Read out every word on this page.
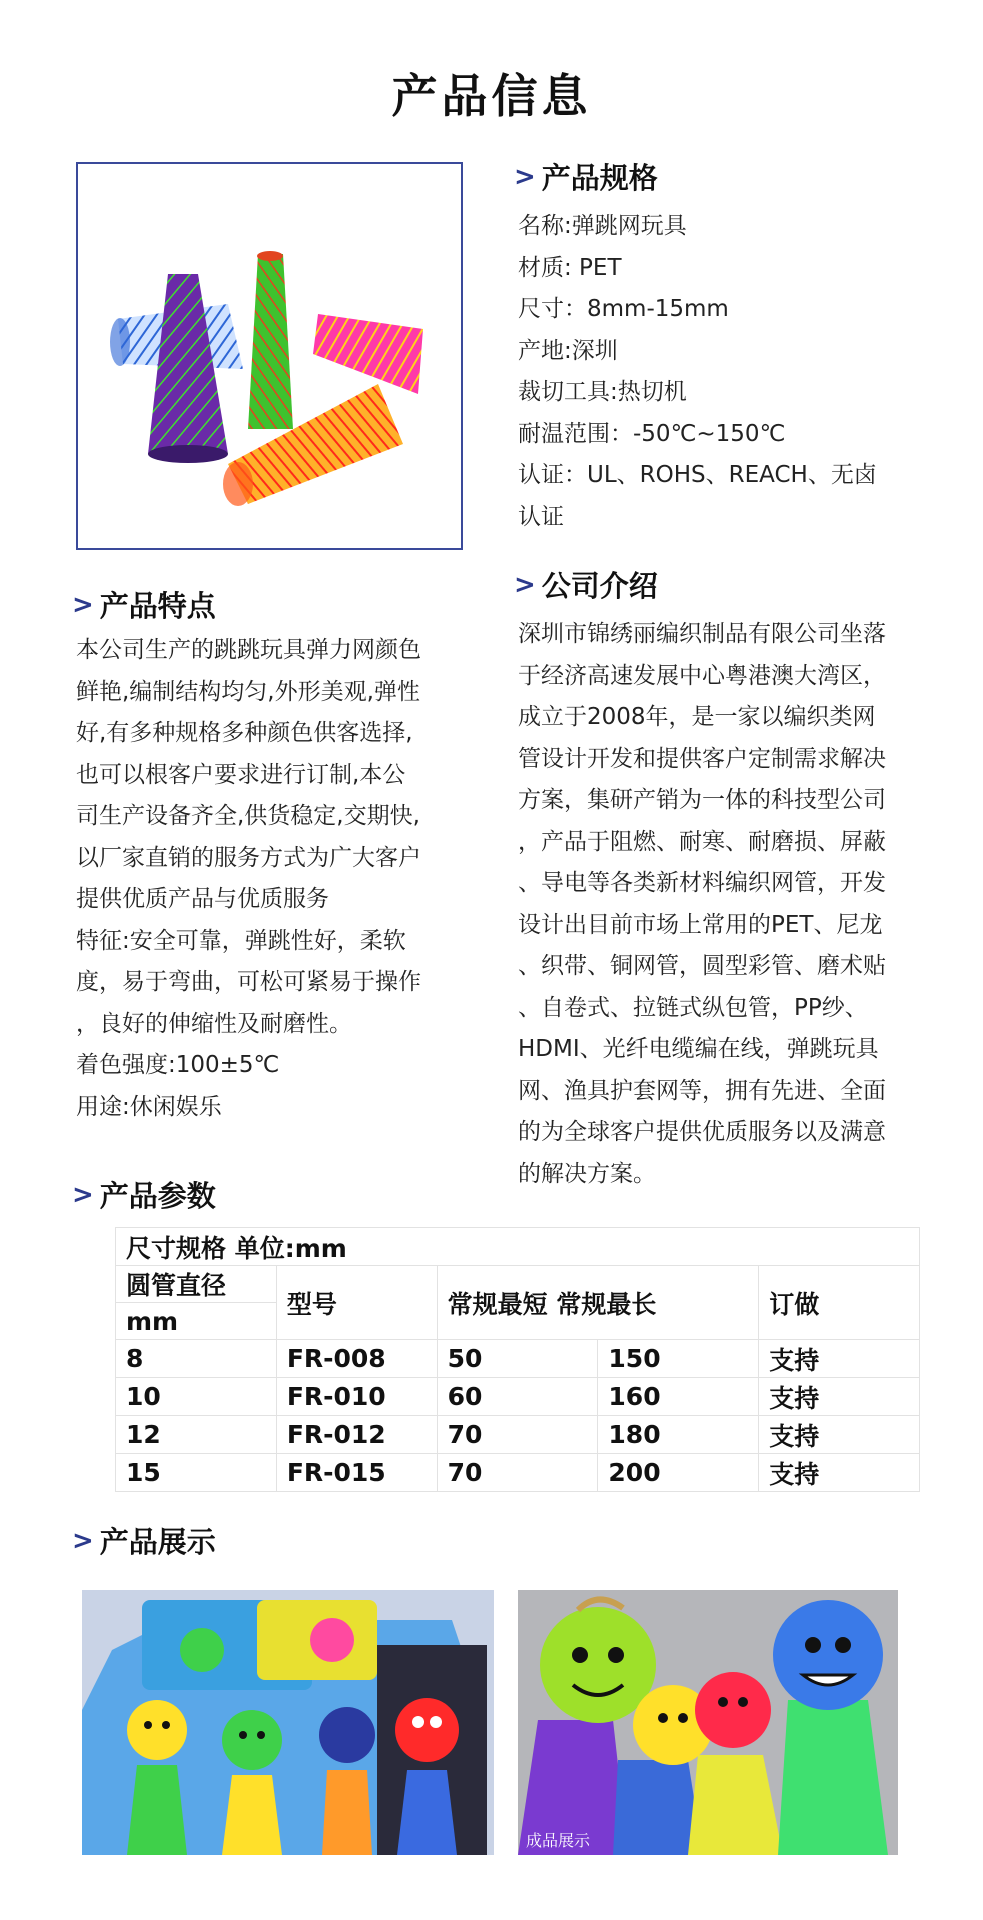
产品信息
> 产品规格

名称:弹跳网玩具

材质: PET

尺寸：8mm-15mm

产地:深圳

裁切工具:热切机

耐温范围：-50℃~150℃

认证：UL、ROHS、REACH、无卤

认证

> 产品特点

本公司生产的跳跳玩具弹力网颜色

鲜艳,编制结构均匀,外形美观,弹性

好,有多种规格多种颜色供客选择,

也可以根客户要求进行订制,本公

司生产设备齐全,供货稳定,交期快,

以厂家直销的服务方式为广大客户

提供优质产品与优质服务

特征:安全可靠，弹跳性好，柔软

度，易于弯曲，可松可紧易于操作

，良好的伸缩性及耐磨性。

着色强度:100±5℃

用途:休闲娱乐

> 公司介绍

深圳市锦绣丽编织制品有限公司坐落

于经济高速发展中心粤港澳大湾区，

成立于2008年，是一家以编织类网

管设计开发和提供客户定制需求解决

方案，集研产销为一体的科技型公司

，产品于阻燃、耐寒、耐磨损、屏蔽

、导电等各类新材料编织网管，开发

设计出目前市场上常用的PET、尼龙

、织带、铜网管，圆型彩管、磨术贴

、自卷式、拉链式纵包管，PP纱、

HDMI、光纤电缆编在线，弹跳玩具

网、渔具护套网等，拥有先进、全面

的为全球客户提供优质服务以及满意

的解决方案。

> 产品参数
尺寸规格 单位:mm				
圆管直径	型号	常规最短 常规最长		订做
mm				
8	FR-008	50	150	支持
10	FR-010	60	160	支持
12	FR-012	70	180	支持
15	FR-015	70	200	支持
> 产品展示
成品展示
